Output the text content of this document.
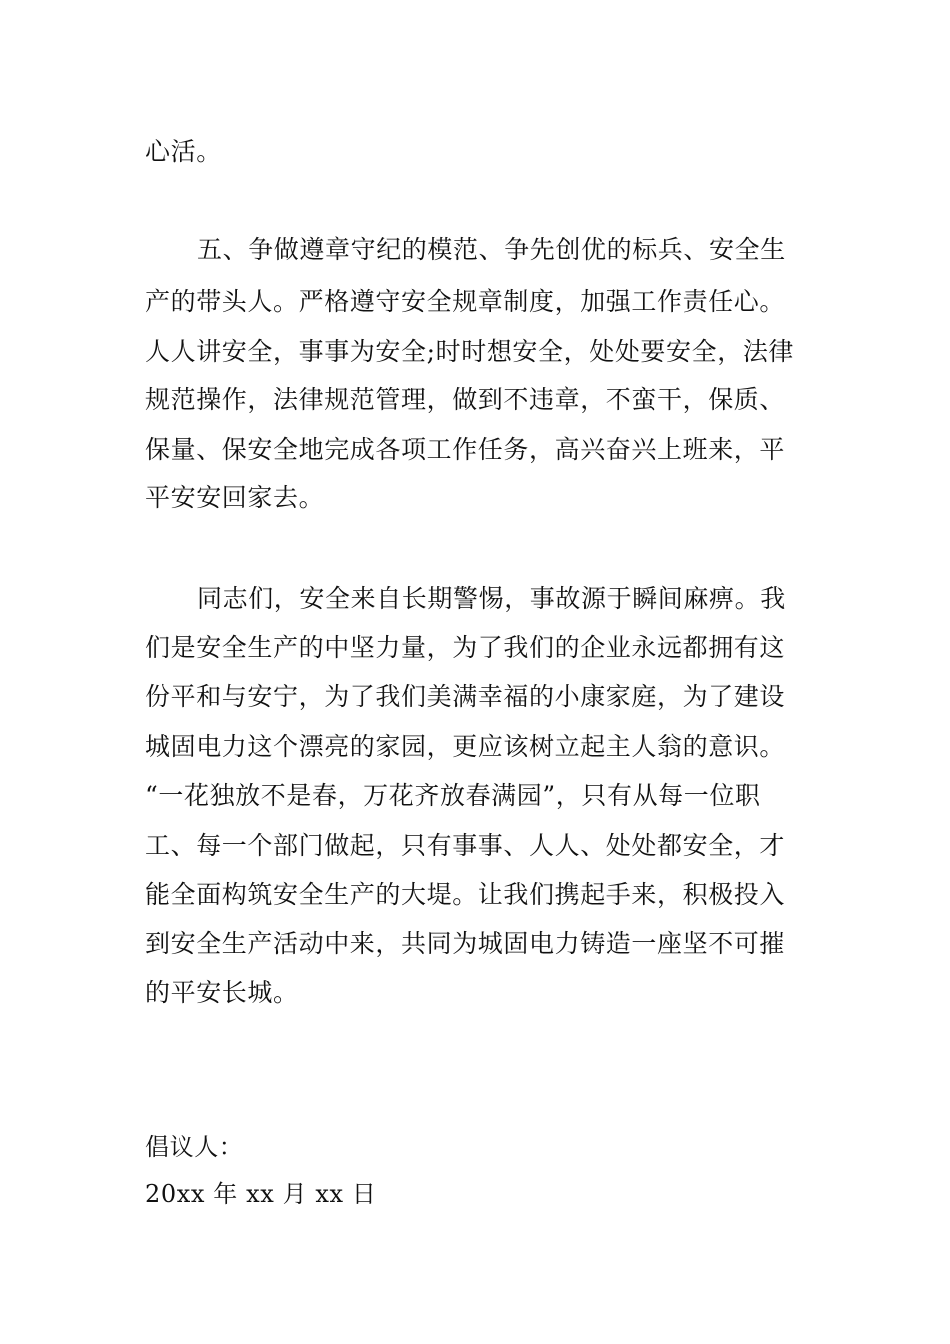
心活。
五、争做遵章守纪的模范、争先创优的标兵、安全生
产的带头人。严格遵守安全规章制度，加强工作责任心。
人人讲安全，事事为安全;时时想安全，处处要安全，法律
规范操作，法律规范管理，做到不违章，不蛮干，保质、
保量、保安全地完成各项工作任务，高兴奋兴上班来，平
平安安回家去。
同志们，安全来自长期警惕，事故源于瞬间麻痹。我
们是安全生产的中坚力量，为了我们的企业永远都拥有这
份平和与安宁，为了我们美满幸福的小康家庭，为了建设
城固电力这个漂亮的家园，更应该树立起主人翁的意识。
“一花独放不是春，万花齐放春满园”，只有从每一位职
工、每一个部门做起，只有事事、人人、处处都安全，才
能全面构筑安全生产的大堤。让我们携起手来，积极投入
到安全生产活动中来，共同为城固电力铸造一座坚不可摧
的平安长城。
倡议人：
20xx 年 xx 月 xx 日
